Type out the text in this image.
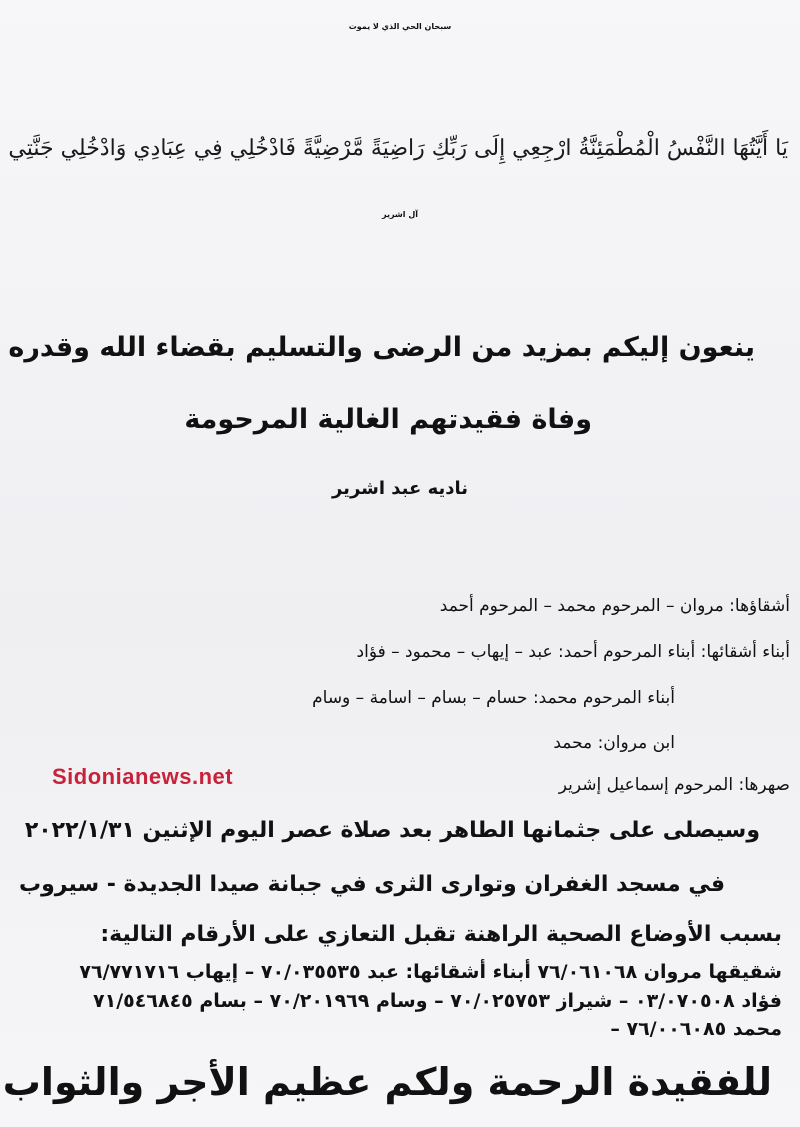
سبحان الحي الذي لا يموت
يَا أَيَّتُهَا النَّفْسُ الْمُطْمَئِنَّةُ ارْجِعِي إِلَى رَبِّكِ رَاضِيَةً مَّرْضِيَّةً فَادْخُلِي فِي عِبَادِي وَادْخُلِي جَنَّتِي
آل اشرير
ينعون إليكم بمزيد من الرضى والتسليم بقضاء الله وقدره
وفاة فقيدتهم الغالية المرحومة
ناديه عبد اشرير
أشقاؤها: مروان – المرحوم محمد – المرحوم أحمد
أبناء أشقائها: أبناء المرحوم أحمد: عبد – إيهاب – محمود – فؤاد
أبناء المرحوم محمد: حسام – بسام – اسامة – وسام
ابن مروان: محمد
صهرها: المرحوم إسماعيل إشرير
Sidonianews.net
وسيصلى على جثمانها الطاهر بعد صلاة عصر اليوم الإثنين ٢٠٢٢/١/٣١
في مسجد الغفران وتوارى الثرى في جبانة صيدا الجديدة - سيروب
بسبب الأوضاع الصحية الراهنة تقبل التعازي على الأرقام التالية:
شقيقها مروان ٧٦/٠٦١٠٦٨ أبناء أشقائها: عبد ٧٠/٠٣٥٥٣٥ – إيهاب ٧٦/٧٧١٧١٦
فؤاد ٠٣/٠٧٠٥٠٨ – شيراز ٧٠/٠٢٥٧٥٣ – وسام ٧٠/٢٠١٩٦٩ – بسام ٧١/٥٤٦٨٤٥
محمد ٧٦/٠٠٦٠٨٥ –
للفقيدة الرحمة ولكم عظيم الأجر والثواب
